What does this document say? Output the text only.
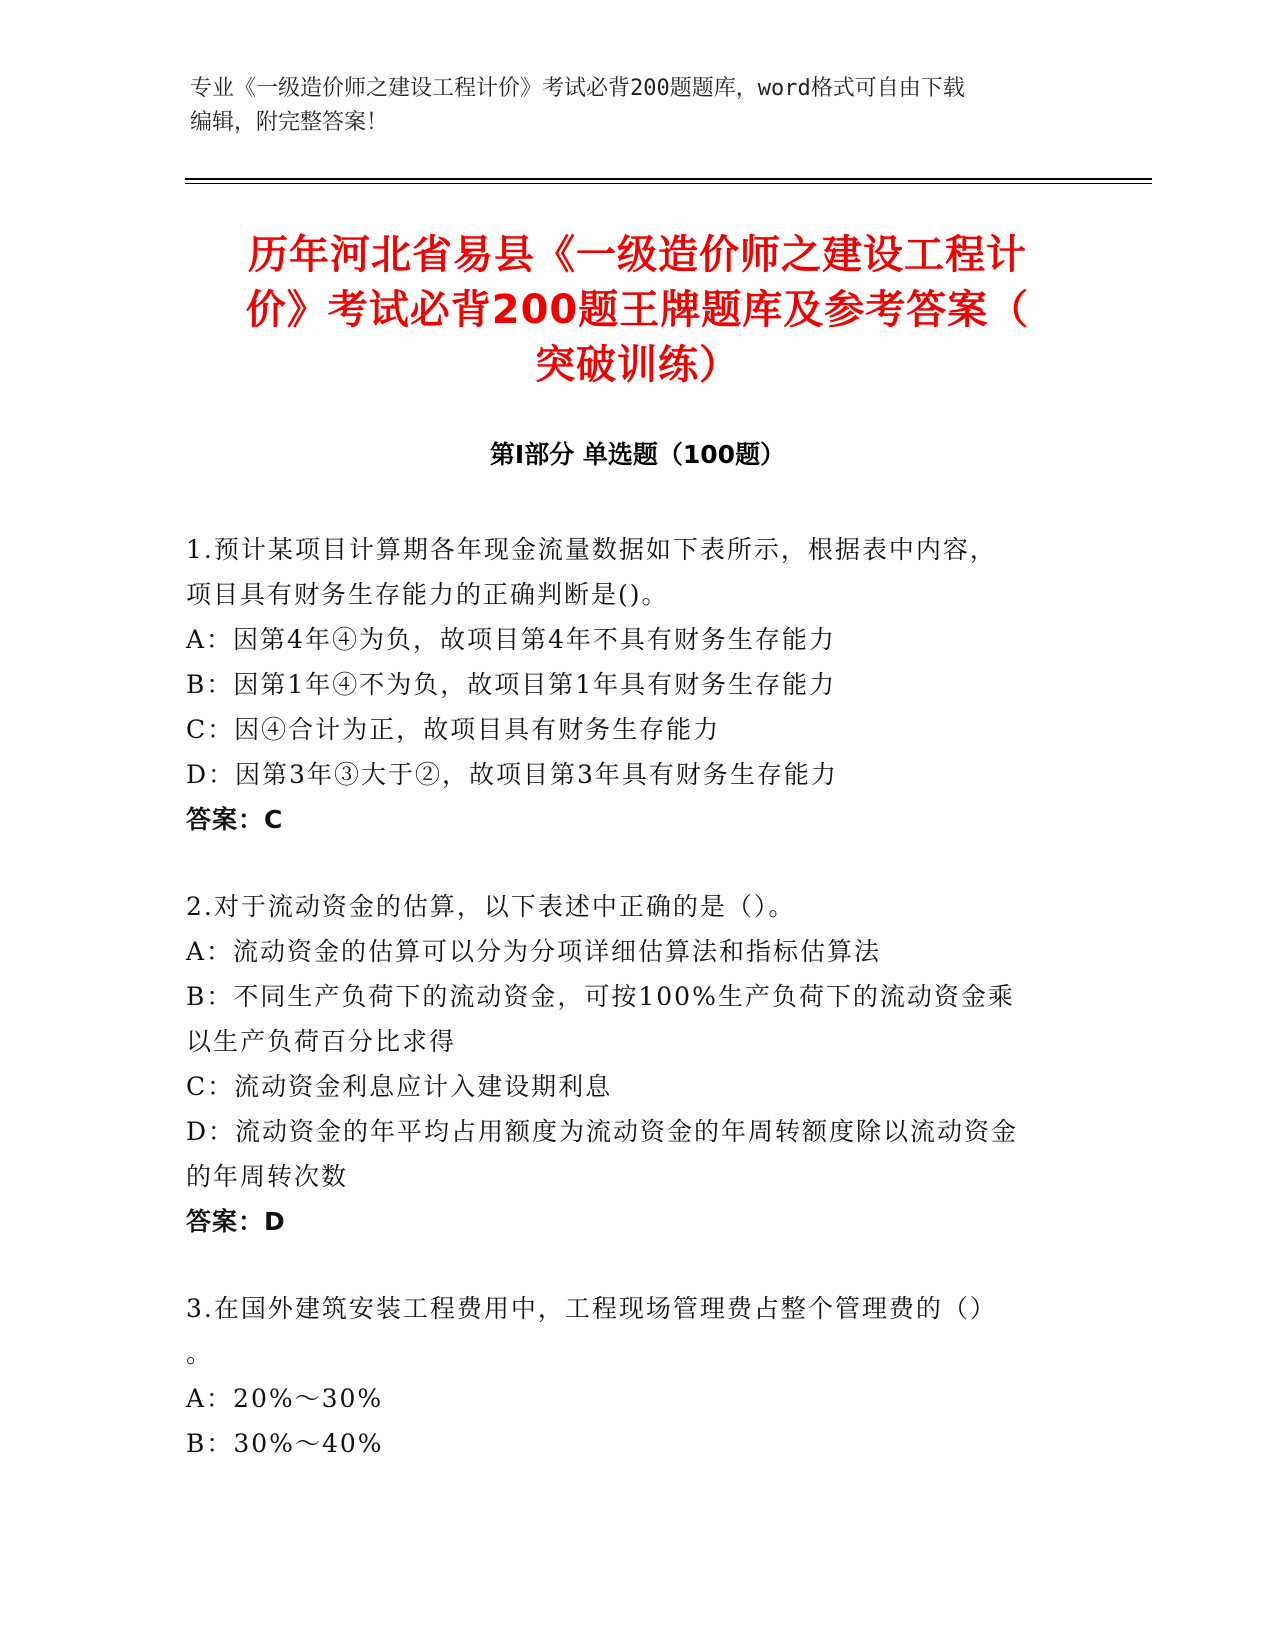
专业《一级造价师之建设工程计价》考试必背200题题库，word格式可自由下载
编辑，附完整答案！
历年河北省易县《一级造价师之建设工程计
价》考试必背200题王牌题库及参考答案（
突破训练）
第Ⅰ部分 单选题（100题）

1.预计某项目计算期各年现金流量数据如下表所示，根据表中内容，

项目具有财务生存能力的正确判断是()。

A：因第4年④为负，故项目第4年不具有财务生存能力

B：因第1年④不为负，故项目第1年具有财务生存能力

C：因④合计为正，故项目具有财务生存能力

D：因第3年③大于②，故项目第3年具有财务生存能力

答案：C

2.对于流动资金的估算，以下表述中正确的是（）。

A：流动资金的估算可以分为分项详细估算法和指标估算法

B：不同生产负荷下的流动资金，可按100%生产负荷下的流动资金乘

以生产负荷百分比求得

C：流动资金利息应计入建设期利息

D：流动资金的年平均占用额度为流动资金的年周转额度除以流动资金

的年周转次数

答案：D

3.在国外建筑安装工程费用中，工程现场管理费占整个管理费的（）

。

A：20%～30%

B：30%～40%
